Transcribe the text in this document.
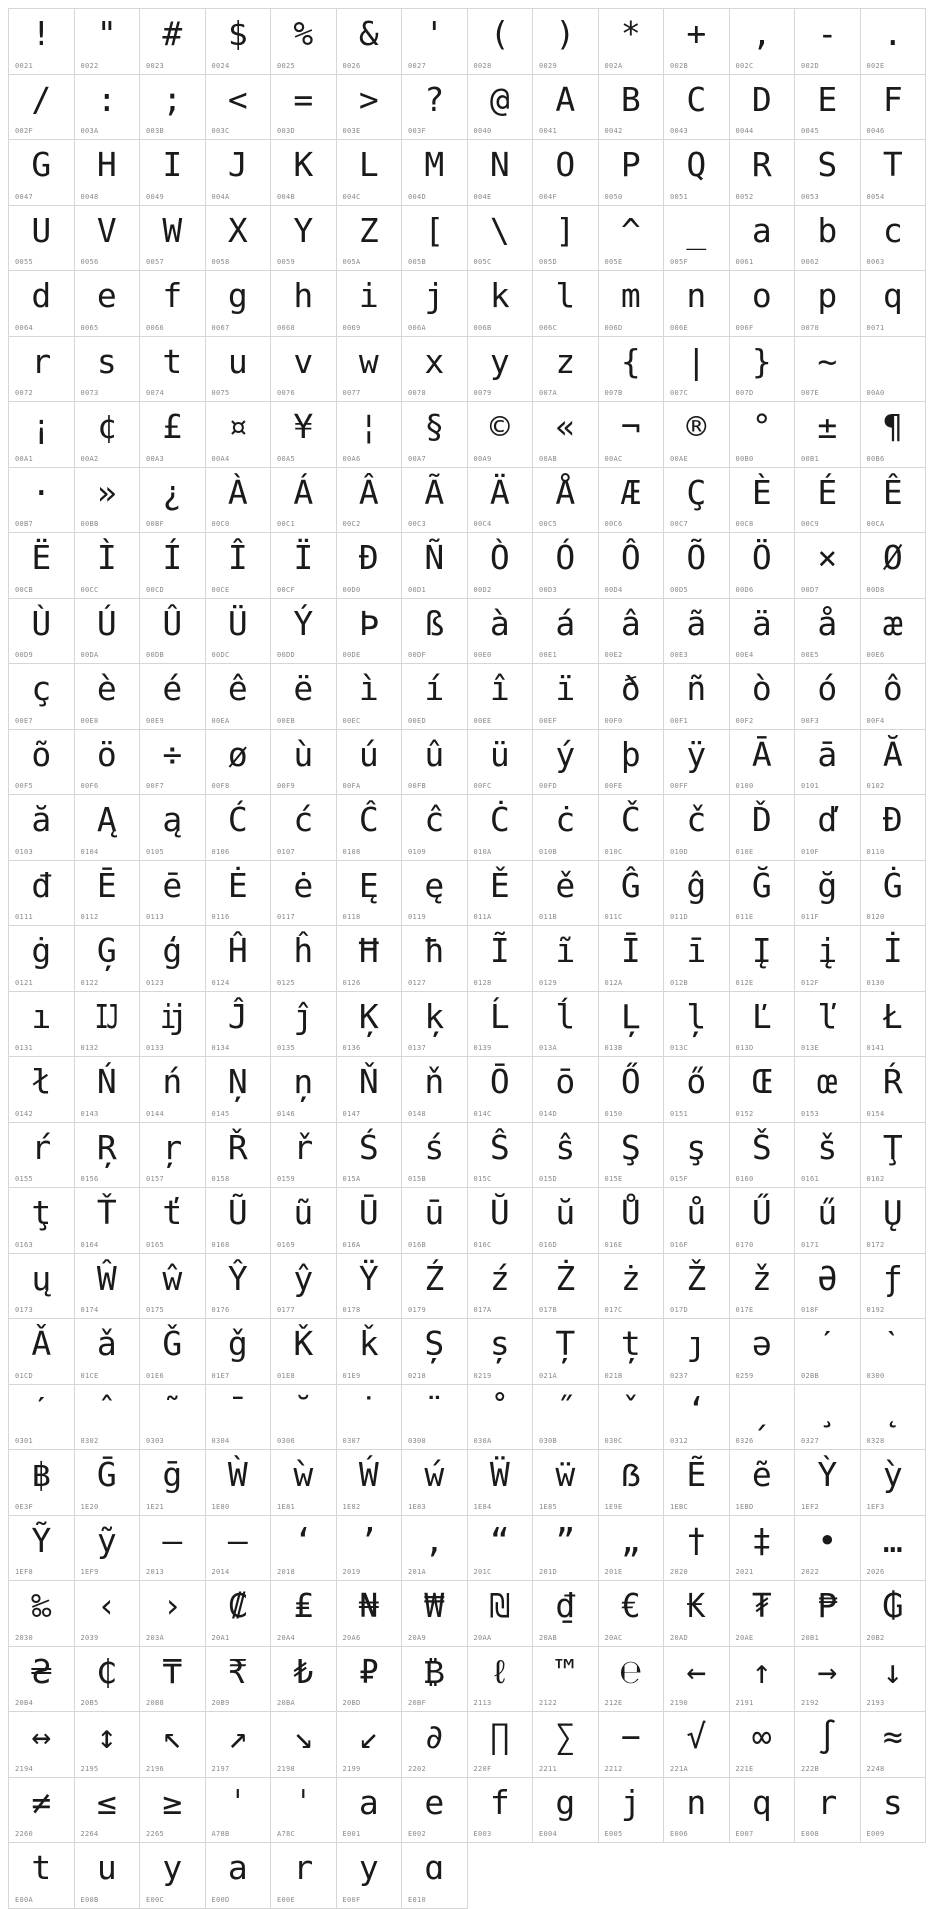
!
0021
"
0022
#
0023
$
0024
%
0025
&
0026
'
0027
(
0028
)
0029
*
002A
+
002B
,
002C
-
002D
.
002E
/
002F
:
003A
;
003B
<
003C
=
003D
>
003E
?
003F
@
0040
A
0041
B
0042
C
0043
D
0044
E
0045
F
0046
G
0047
H
0048
I
0049
J
004A
K
004B
L
004C
M
004D
N
004E
O
004F
P
0050
Q
0051
R
0052
S
0053
T
0054
U
0055
V
0056
W
0057
X
0058
Y
0059
Z
005A
[
005B
\
005C
]
005D
^
005E
_
005F
a
0061
b
0062
c
0063
d
0064
e
0065
f
0066
g
0067
h
0068
i
0069
j
006A
k
006B
l
006C
m
006D
n
006E
o
006F
p
0070
q
0071
r
0072
s
0073
t
0074
u
0075
v
0076
w
0077
x
0078
y
0079
z
007A
{
007B
|
007C
}
007D
~
007E	00A0
¡
00A1
¢
00A2
£
00A3
¤
00A4
¥
00A5
¦
00A6
§
00A7
©
00A9
«
00AB
¬
00AC
®
00AE
°
00B0
±
00B1
¶
00B6
·
00B7
»
00BB
¿
00BF
À
00C0
Á
00C1
Â
00C2
Ã
00C3
Ä
00C4
Å
00C5
Æ
00C6
Ç
00C7
È
00C8
É
00C9
Ê
00CA
Ë
00CB
Ì
00CC
Í
00CD
Î
00CE
Ï
00CF
Ð
00D0
Ñ
00D1
Ò
00D2
Ó
00D3
Ô
00D4
Õ
00D5
Ö
00D6
×
00D7
Ø
00D8
Ù
00D9
Ú
00DA
Û
00DB
Ü
00DC
Ý
00DD
Þ
00DE
ß
00DF
à
00E0
á
00E1
â
00E2
ã
00E3
ä
00E4
å
00E5
æ
00E6
ç
00E7
è
00E8
é
00E9
ê
00EA
ë
00EB
ì
00EC
í
00ED
î
00EE
ï
00EF
ð
00F0
ñ
00F1
ò
00F2
ó
00F3
ô
00F4
õ
00F5
ö
00F6
÷
00F7
ø
00F8
ù
00F9
ú
00FA
û
00FB
ü
00FC
ý
00FD
þ
00FE
ÿ
00FF
Ā
0100
ā
0101
Ă
0102
ă
0103
Ą
0104
ą
0105
Ć
0106
ć
0107
Ĉ
0108
ĉ
0109
Ċ
010A
ċ
010B
Č
010C
č
010D
Ď
010E
ď
010F
Đ
0110
đ
0111
Ē
0112
ē
0113
Ė
0116
ė
0117
Ę
0118
ę
0119
Ě
011A
ě
011B
Ĝ
011C
ĝ
011D
Ğ
011E
ğ
011F
Ġ
0120
ġ
0121
Ģ
0122
ģ
0123
Ĥ
0124
ĥ
0125
Ħ
0126
ħ
0127
Ĩ
0128
ĩ
0129
Ī
012A
ī
012B
Į
012E
į
012F
İ
0130
ı
0131
Ĳ
0132
ĳ
0133
Ĵ
0134
ĵ
0135
Ķ
0136
ķ
0137
Ĺ
0139
ĺ
013A
Ļ
013B
ļ
013C
Ľ
013D
ľ
013E
Ł
0141
ł
0142
Ń
0143
ń
0144
Ņ
0145
ņ
0146
Ň
0147
ň
0148
Ō
014C
ō
014D
Ő
0150
ő
0151
Œ
0152
œ
0153
Ŕ
0154
ŕ
0155
Ŗ
0156
ŗ
0157
Ř
0158
ř
0159
Ś
015A
ś
015B
Ŝ
015C
ŝ
015D
Ş
015E
ş
015F
Š
0160
š
0161
Ţ
0162
ţ
0163
Ť
0164
ť
0165
Ũ
0168
ũ
0169
Ū
016A
ū
016B
Ŭ
016C
ŭ
016D
Ů
016E
ů
016F
Ű
0170
ű
0171
Ų
0172
ų
0173
Ŵ
0174
ŵ
0175
Ŷ
0176
ŷ
0177
Ÿ
0178
Ź
0179
ź
017A
Ż
017B
ż
017C
Ž
017D
ž
017E
Ə
018F
ƒ
0192
Ǎ
01CD
ǎ
01CE
Ǧ
01E6
ǧ
01E7
Ǩ
01E8
ǩ
01E9
Ș
0218
ș
0219
Ț
021A
ț
021B
ȷ
0237
ə
0259
ˊ
02BB
ˋ
0300
ˊ
0301
ˆ
0302
˜
0303
ˉ
0304
˘
0306
˙
0307
¨
0308
˚
030A
˝
030B
ˇ
030C
ʻ
0312
ˏ
0326
¸
0327
˛
0328
฿
0E3F
Ḡ
1E20
ḡ
1E21
Ẁ
1E80
ẁ
1E81
Ẃ
1E82
ẃ
1E83
Ẅ
1E84
ẅ
1E85
ẞ
1E9E
Ẽ
1EBC
ẽ
1EBD
Ỳ
1EF2
ỳ
1EF3
Ỹ
1EF8
ỹ
1EF9
–
2013
—
2014
‘
2018
’
2019
‚
201A
“
201C
”
201D
„
201E
†
2020
‡
2021
•
2022
…
2026
‰
2030
‹
2039
›
203A
₡
20A1
₤
20A4
₦
20A6
₩
20A9
₪
20AA
₫
20AB
€
20AC
₭
20AD
₮
20AE
₱
20B1
₲
20B2
₴
20B4
₵
20B5
₸
20B8
₹
20B9
₺
20BA
₽
20BD
₿
20BF
ℓ
2113
™
2122
℮
212E
←
2190
↑
2191
→
2192
↓
2193
↔
2194
↕
2195
↖
2196
↗
2197
↘
2198
↙
2199
∂
2202
∏
220F
∑
2211
−
2212
√
221A
∞
221E
∫
222B
≈
2248
≠
2260
≤
2264
≥
2265
ˈ
A78B
ˈ
A78C
a
E001
e
E002
f
E003
g
E004
j
E005
n
E006
q
E007
r
E008
s
E009
t
E00A
u
E00B
y
E00C
a
E00D
r
E00E
y
E00F
ɑ
E010
